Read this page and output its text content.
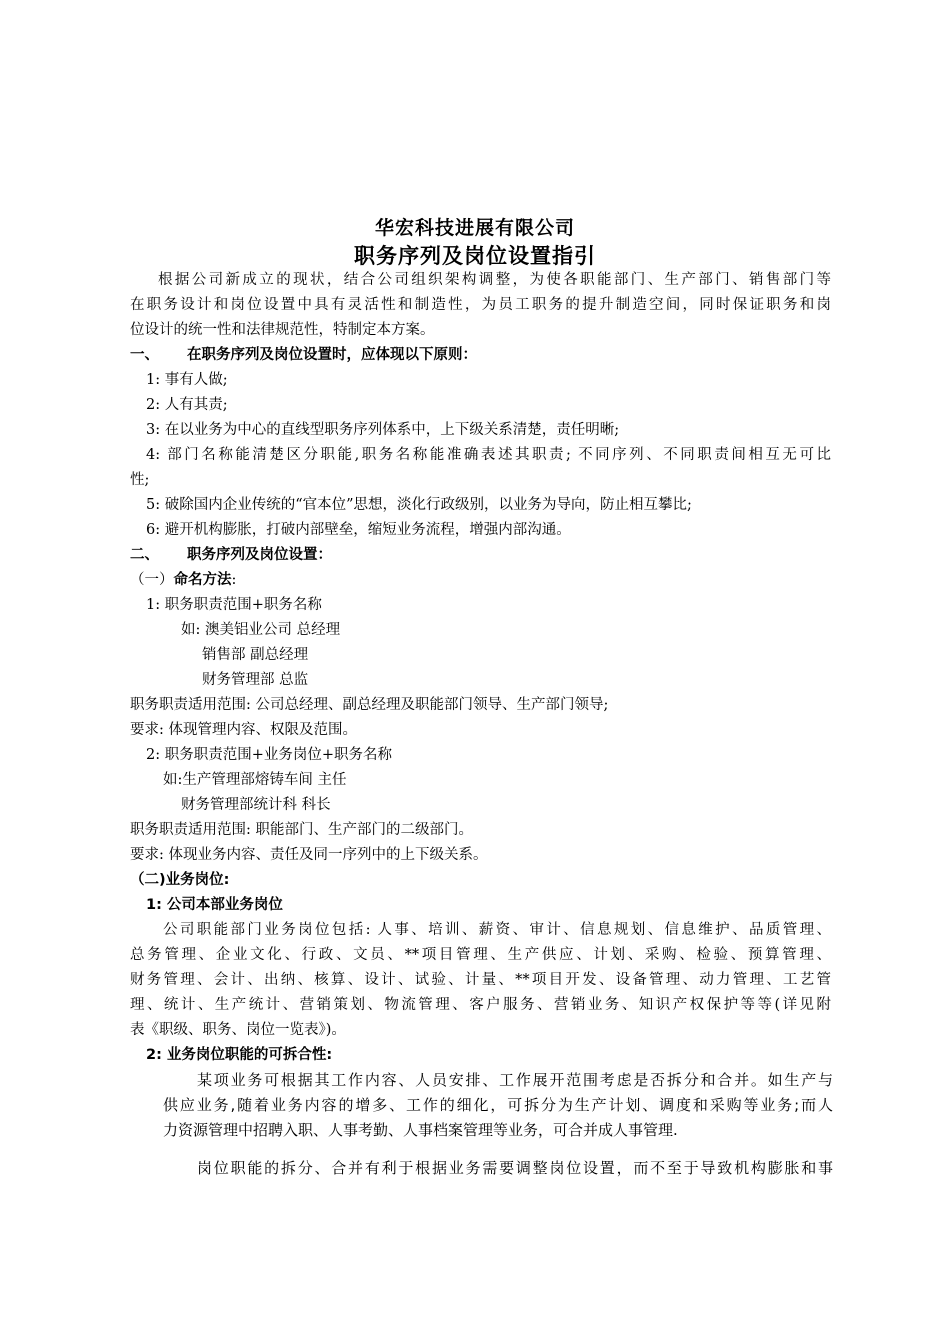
华宏科技进展有限公司
职务序列及岗位设置指引
根据公司新成立的现状，结合公司组织架构调整，为使各职能部门、生产部门、销售部门等
在职务设计和岗位设置中具有灵活性和制造性，为员工职务的提升制造空间，同时保证职务和岗
位设计的统一性和法律规范性，特制定本方案。
一、 在职务序列及岗位设置时，应体现以下原则：
1: 事有人做;
2: 人有其责;
3: 在以业务为中心的直线型职务序列体系中，上下级关系清楚，责任明晰;
4: 部门名称能清楚区分职能,职务名称能准确表述其职责; 不同序列、不同职责间相互无可比
性;
5: 破除国内企业传统的“官本位”思想，淡化行政级别，以业务为导向，防止相互攀比;
6: 避开机构膨胀，打破内部壁垒，缩短业务流程，增强内部沟通。
二、 职务序列及岗位设置：
（一）命名方法:
1: 职务职责范围+职务名称
如: 澳美铝业公司 总经理
销售部 副总经理
财务管理部 总监
职务职责适用范围: 公司总经理、副总经理及职能部门领导、生产部门领导;
要求: 体现管理内容、权限及范围。
2: 职务职责范围+业务岗位+职务名称
如:生产管理部熔铸车间 主任
财务管理部统计科 科长
职务职责适用范围: 职能部门、生产部门的二级部门。
要求: 体现业务内容、责任及同一序列中的上下级关系。
（二)业务岗位:
1: 公司本部业务岗位
公司职能部门业务岗位包括: 人事、培训、薪资、审计、信息规划、信息维护、品质管理、
总务管理、企业文化、行政、文员、**项目管理、生产供应、计划、采购、检验、预算管理、
财务管理、会计、出纳、核算、设计、试验、计量、**项目开发、设备管理、动力管理、工艺管
理、统计、生产统计、营销策划、物流管理、客户服务、营销业务、知识产权保护等等(详见附
表《职级、职务、岗位一览表》)。
2: 业务岗位职能的可拆合性:
某项业务可根据其工作内容、人员安排、工作展开范围考虑是否拆分和合并。如生产与
供应业务,随着业务内容的增多、工作的细化，可拆分为生产计划、调度和采购等业务;而人
力资源管理中招聘入职、人事考勤、人事档案管理等业务，可合并成人事管理.
岗位职能的拆分、合并有利于根据业务需要调整岗位设置，而不至于导致机构膨胀和事
